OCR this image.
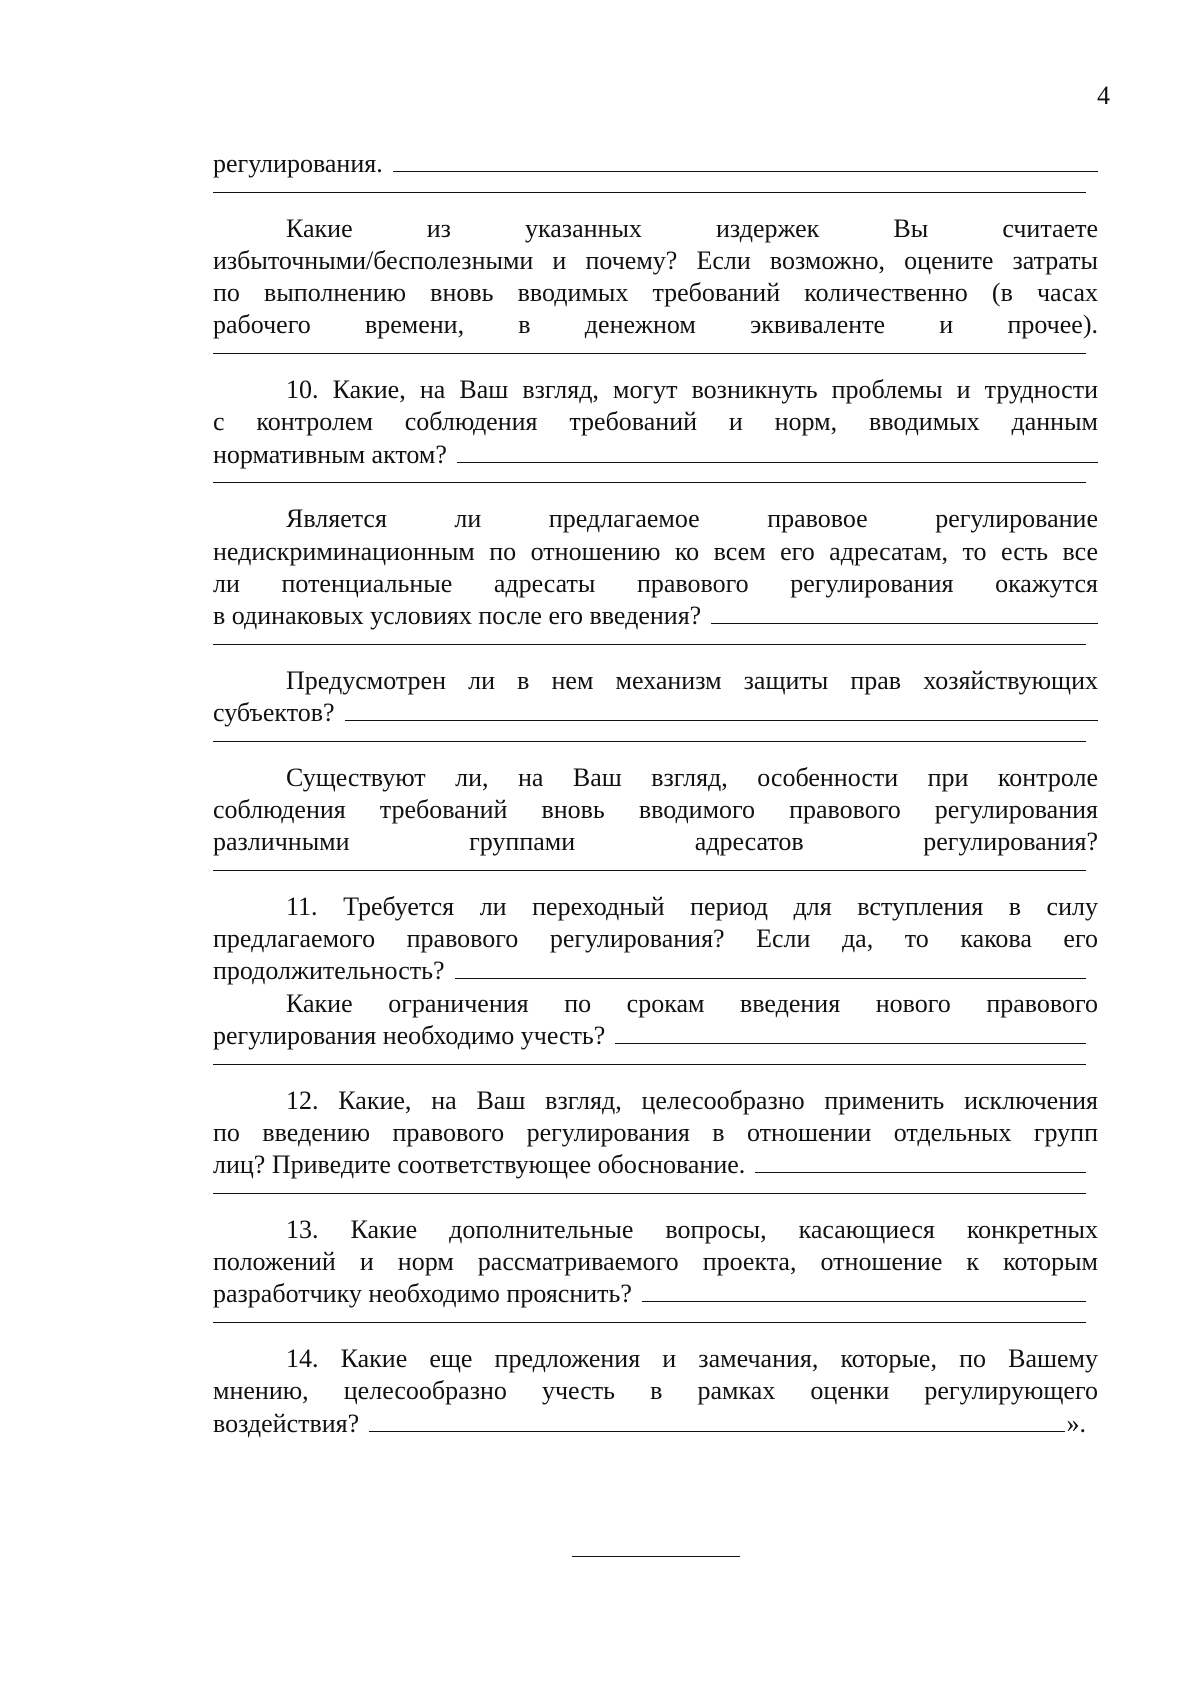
4
регулирования.
Какие из указанных издержек Вы считаете
избыточными/бесполезными и почему? Если возможно, оцените затраты
по выполнению вновь вводимых требований количественно (в часах
рабочего времени, в денежном эквиваленте и прочее).
10. Какие, на Ваш взгляд, могут возникнуть проблемы и трудности
с контролем соблюдения требований и норм, вводимых данным
нормативным актом?
Является ли предлагаемое правовое регулирование
недискриминационным по отношению ко всем его адресатам, то есть все
ли потенциальные адресаты правового регулирования окажутся
в одинаковых условиях после его введения?
Предусмотрен ли в нем механизм защиты прав хозяйствующих
субъектов?
Существуют ли, на Ваш взгляд, особенности при контроле
соблюдения требований вновь вводимого правового регулирования
различными группами адресатов регулирования?
11. Требуется ли переходный период для вступления в силу
предлагаемого правового регулирования? Если да, то какова его
продолжительность?
Какие ограничения по срокам введения нового правового
регулирования необходимо учесть?
12. Какие, на Ваш взгляд, целесообразно применить исключения
по введению правового регулирования в отношении отдельных групп
лиц? Приведите соответствующее обоснование.
13. Какие дополнительные вопросы, касающиеся конкретных
положений и норм рассматриваемого проекта, отношение к которым
разработчику необходимо прояснить?
14. Какие еще предложения и замечания, которые, по Вашему
мнению, целесообразно учесть в рамках оценки регулирующего
воздействия?	».
